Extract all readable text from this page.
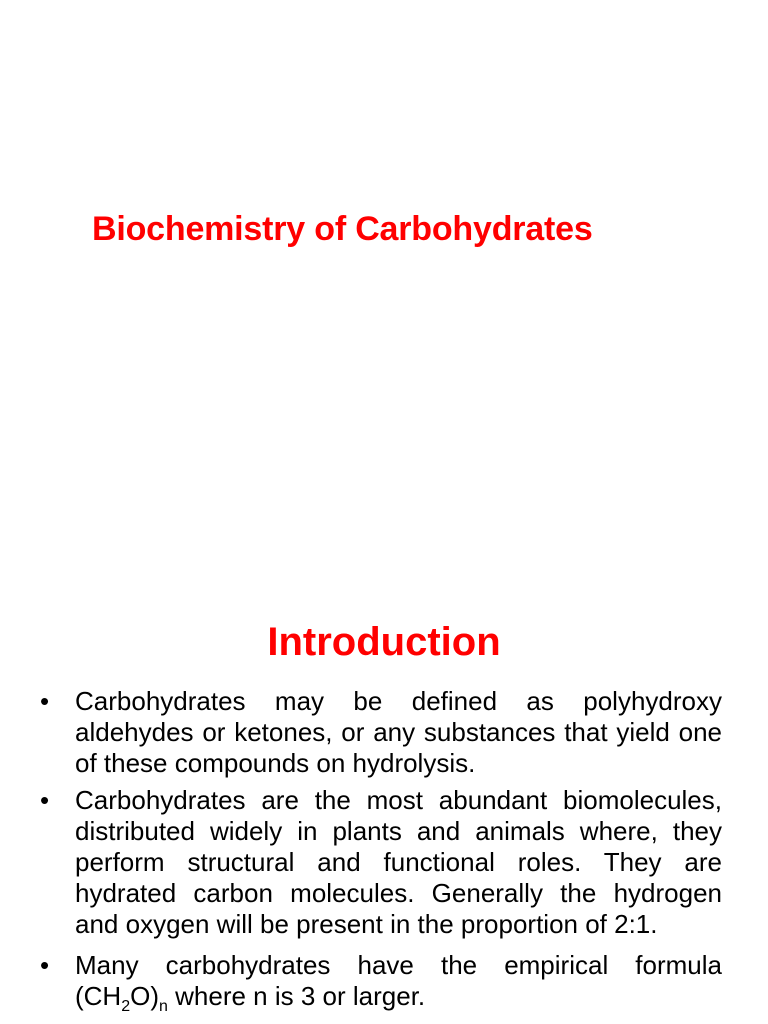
Biochemistry of Carbohydrates
Introduction
• Carbohydrates may be defined as polyhydroxy aldehydes or ketones, or any substances that yield one of these compounds on hydrolysis.
• Carbohydrates are the most abundant biomolecules, distributed widely in plants and animals where, they perform structural and functional roles. They are hydrated carbon molecules. Generally the hydrogen and oxygen will be present in the proportion of 2:1.
• Many carbohydrates have the empirical formula $(CH_2O)_n$ where n is 3 or larger.
